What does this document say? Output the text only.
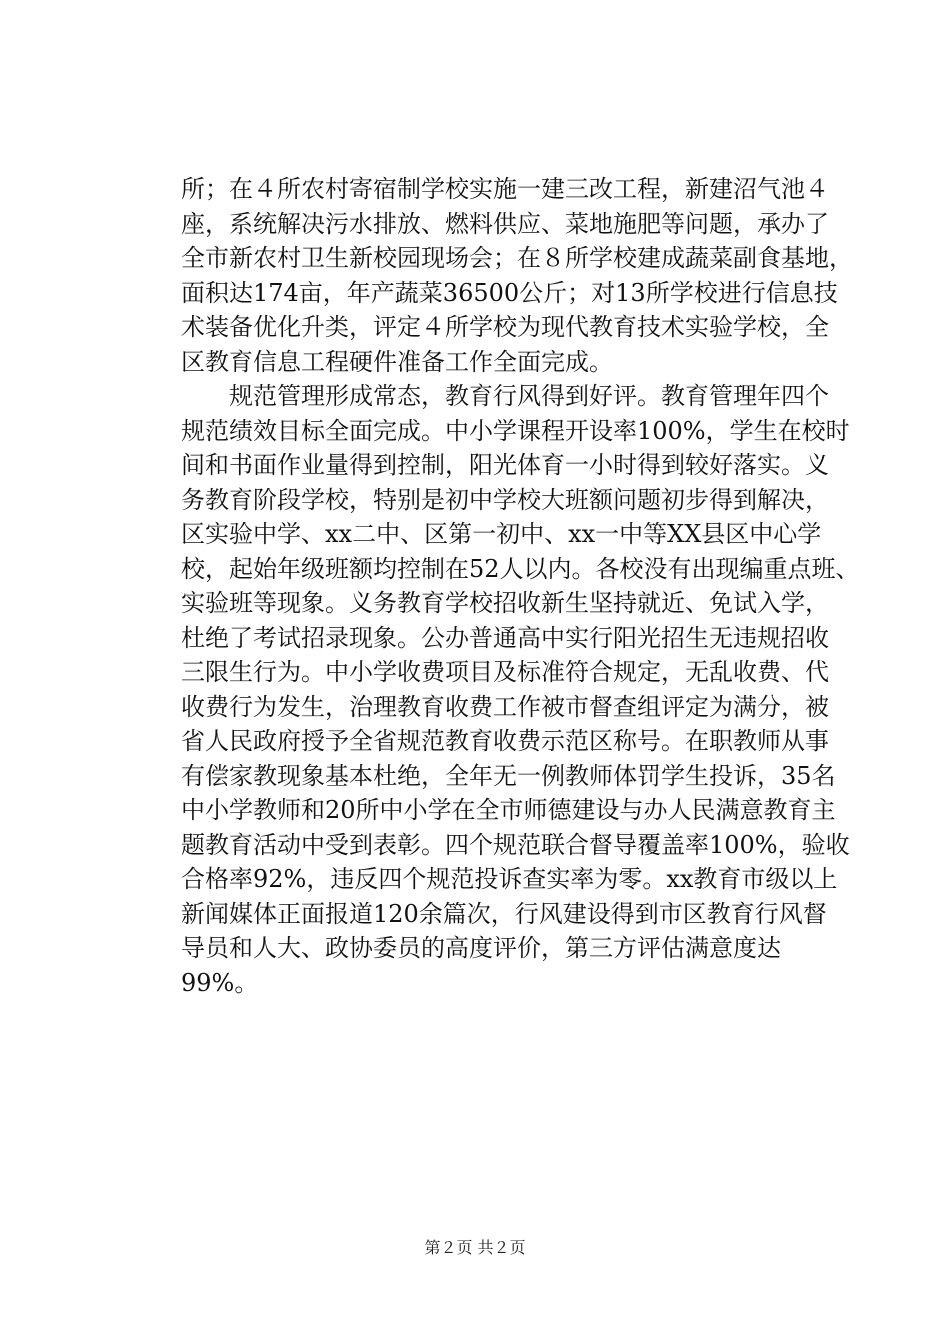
所；在４所农村寄宿制学校实施一建三改工程，新建沼气池４
座，系统解决污水排放、燃料供应、菜地施肥等问题，承办了
全市新农村卫生新校园现场会；在８所学校建成蔬菜副食基地，
面积达174亩，年产蔬菜36500公斤；对13所学校进行信息技
术装备优化升类，评定４所学校为现代教育技术实验学校，全
区教育信息工程硬件准备工作全面完成。
规范管理形成常态，教育行风得到好评。教育管理年四个
规范绩效目标全面完成。中小学课程开设率100%，学生在校时
间和书面作业量得到控制，阳光体育一小时得到较好落实。义
务教育阶段学校，特别是初中学校大班额问题初步得到解决，
区实验中学、xx二中、区第一初中、xx一中等XX县区中心学
校，起始年级班额均控制在52人以内。各校没有出现编重点班、
实验班等现象。义务教育学校招收新生坚持就近、免试入学，
杜绝了考试招录现象。公办普通高中实行阳光招生无违规招收
三限生行为。中小学收费项目及标准符合规定，无乱收费、代
收费行为发生，治理教育收费工作被市督查组评定为满分，被
省人民政府授予全省规范教育收费示范区称号。在职教师从事
有偿家教现象基本杜绝，全年无一例教师体罚学生投诉，35名
中小学教师和20所中小学在全市师德建设与办人民满意教育主
题教育活动中受到表彰。四个规范联合督导覆盖率100%，验收
合格率92%，违反四个规范投诉查实率为零。xx教育市级以上
新闻媒体正面报道120余篇次，行风建设得到市区教育行风督
导员和人大、政协委员的高度评价，第三方评估满意度达
99%。
第２页 共２页
